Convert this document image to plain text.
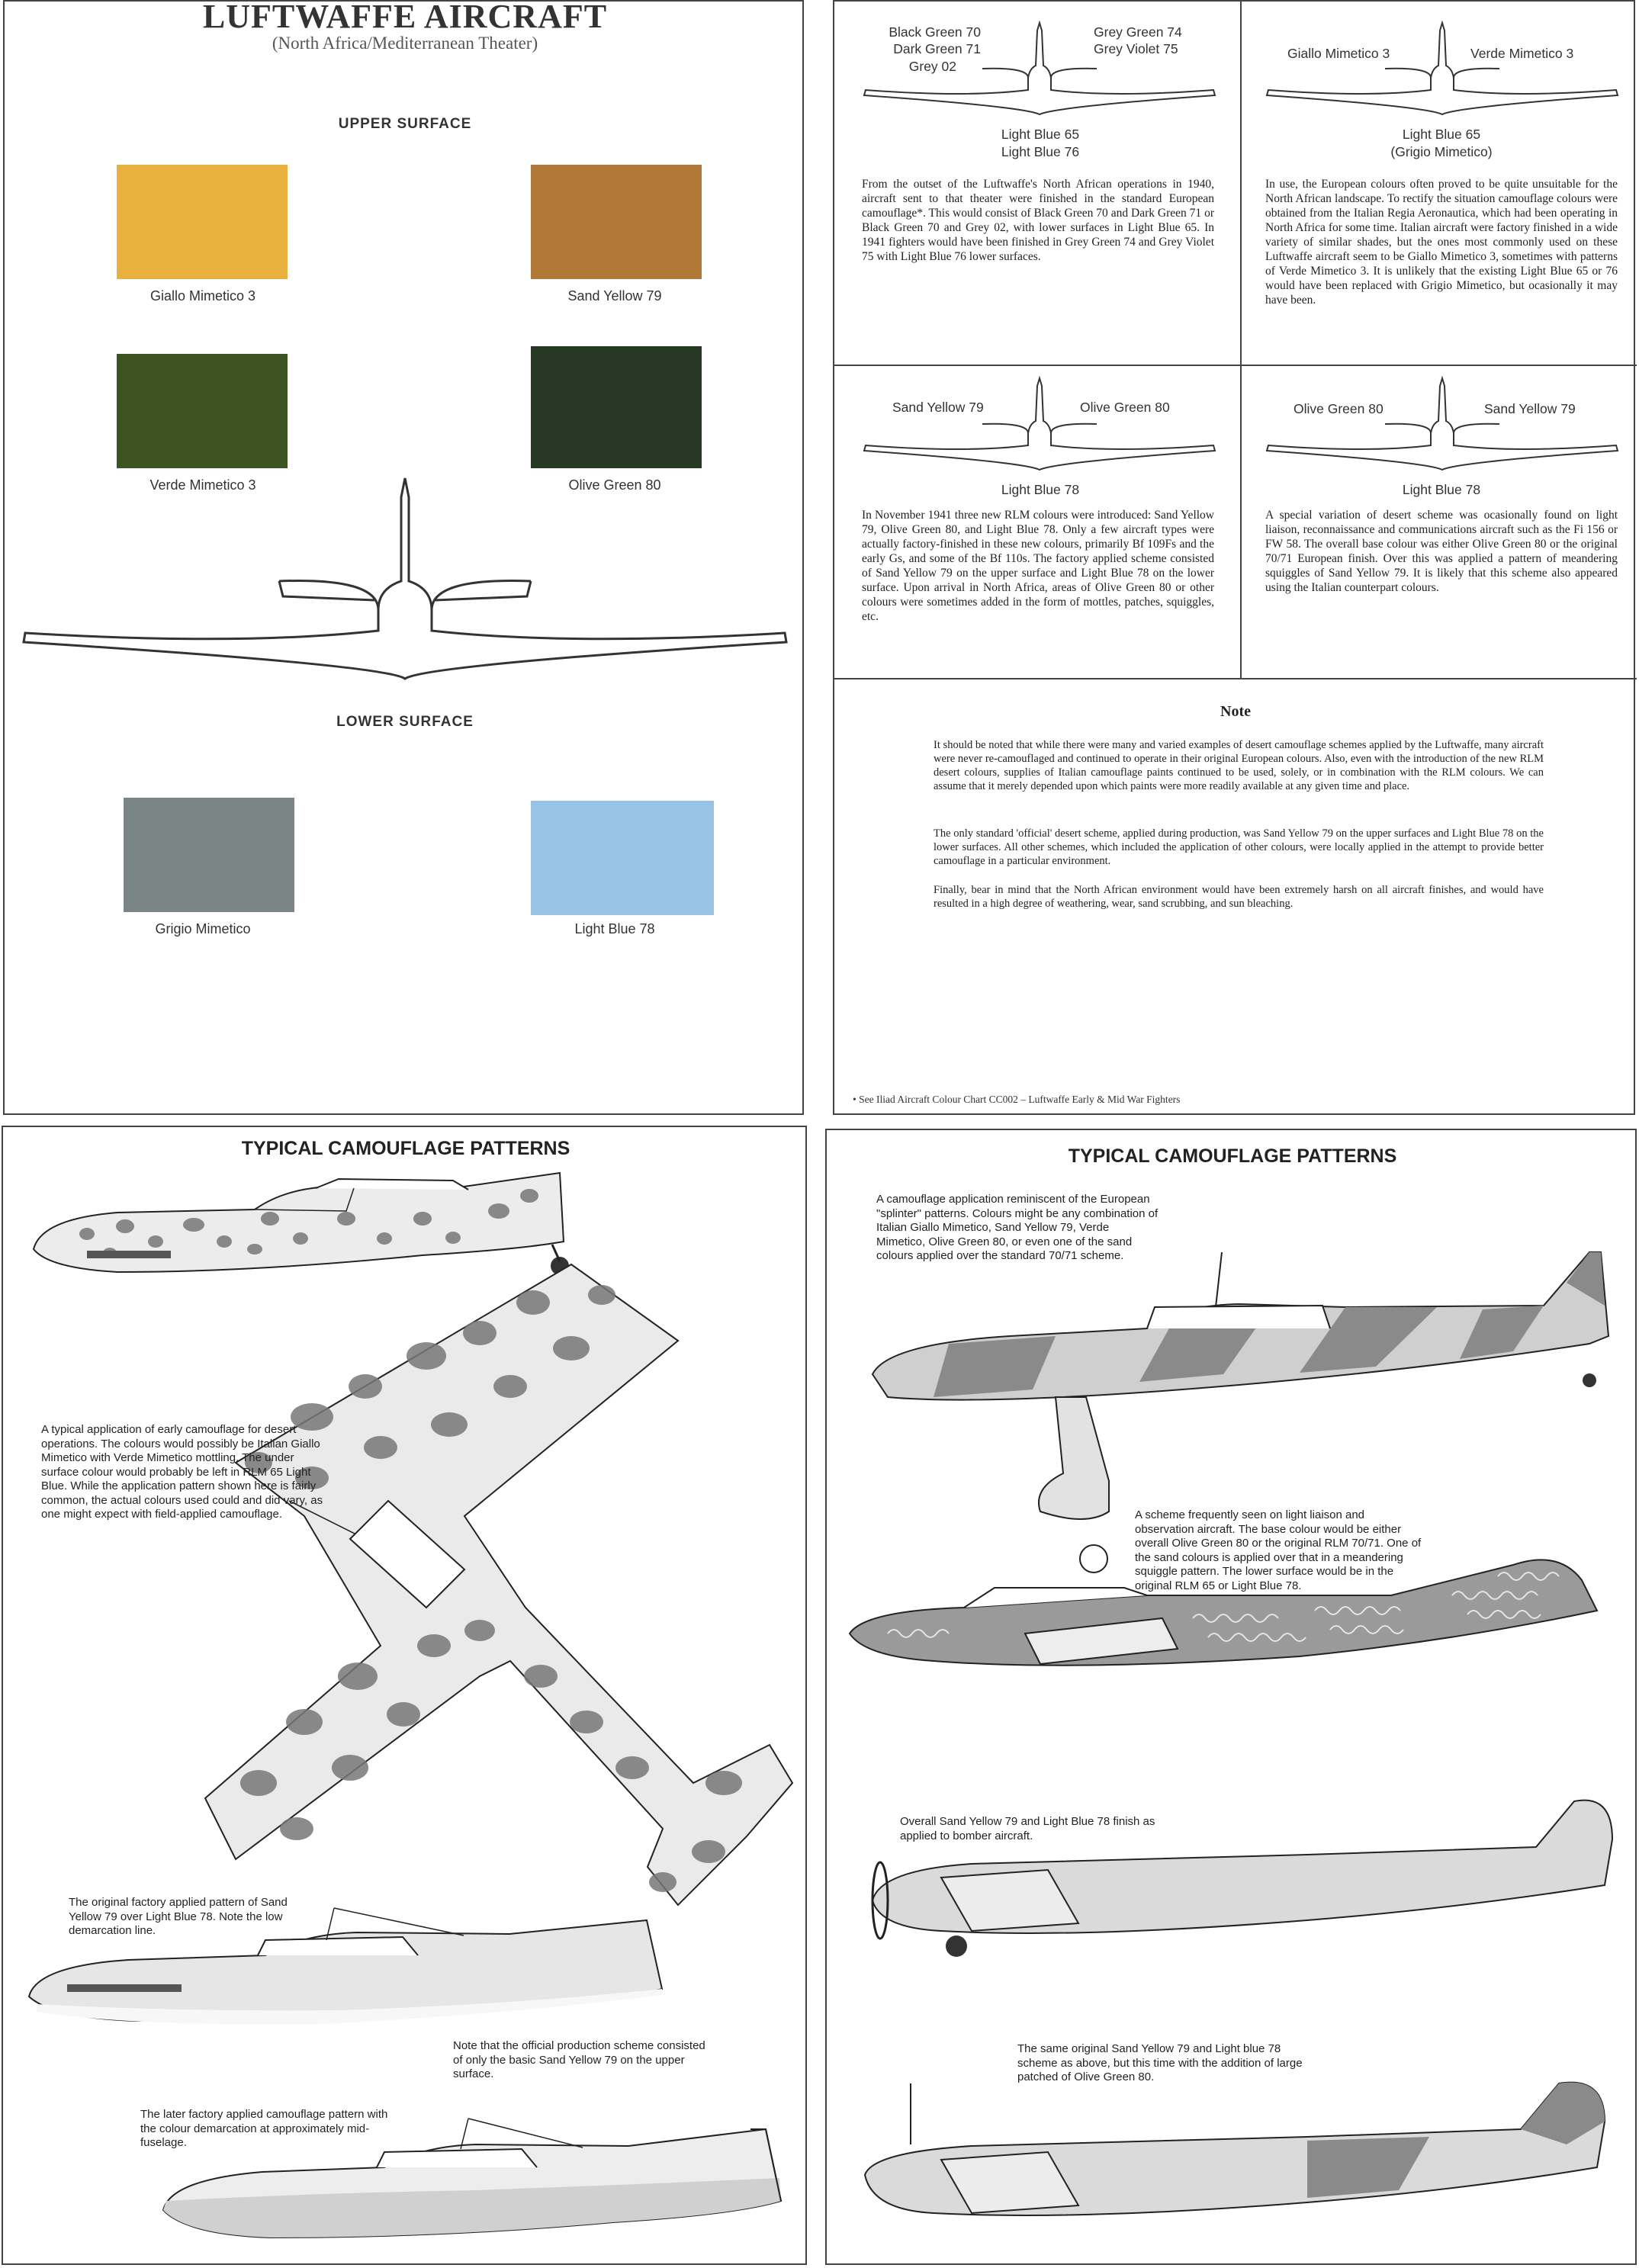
LUFTWAFFE AIRCRAFT
(North Africa/Mediterranean Theater)
UPPER SURFACE
Giallo Mimetico 3	Sand Yellow 79
Verde Mimetico 3	Olive Green 80
LOWER SURFACE
Grigio Mimetico	Light Blue 78
Black Green 70
Dark Green 71
Grey 02
Grey Green 74
Grey Violet 75
Light Blue 65
Light Blue 76
From the outset of the Luftwaffe's North African operations in 1940, aircraft sent to that theater were finished in the standard European camouflage*. This would consist of Black Green 70 and Dark Green 71 or Black Green 70 and Grey 02, with lower surfaces in Light Blue 65. In 1941 fighters would have been finished in Grey Green 74 and Grey Violet 75 with Light Blue 76 lower surfaces.
Giallo Mimetico 3	Verde Mimetico 3
Light Blue 65
(Grigio Mimetico)
In use, the European colours often proved to be quite unsuitable for the North African landscape. To rectify the situation camouflage colours were obtained from the Italian Regia Aeronautica, which had been operating in North Africa for some time. Italian aircraft were factory finished in a wide variety of similar shades, but the ones most commonly used on these Luftwaffe aircraft seem to be Giallo Mimetico 3, sometimes with patterns of Verde Mimetico 3. It is unlikely that the existing Light Blue 65 or 76 would have been replaced with Grigio Mimetico, but ocasionally it may have been.
Sand Yellow 79	Olive Green 80
Light Blue 78
In November 1941 three new RLM colours were introduced: Sand Yellow 79, Olive Green 80, and Light Blue 78. Only a few aircraft types were actually factory-finished in these new colours, primarily Bf 109Fs and the early Gs, and some of the Bf 110s. The factory applied scheme consisted of Sand Yellow 79 on the upper surface and Light Blue 78 on the lower surface. Upon arrival in North Africa, areas of Olive Green 80 or other colours were sometimes added in the form of mottles, patches, squiggles, etc.
Olive Green 80	Sand Yellow 79
Light Blue 78
A special variation of desert scheme was ocasionally found on light liaison, reconnaissance and communications aircraft such as the Fi 156 or FW 58. The overall base colour was either Olive Green 80 or the original 70/71 European finish. Over this was applied a pattern of meandering squiggles of Sand Yellow 79. It is likely that this scheme also appeared using the Italian counterpart colours.
Note
It should be noted that while there were many and varied examples of desert camouflage schemes applied by the Luftwaffe, many aircraft were never re-camouflaged and continued to operate in their original European colours. Also, even with the introduction of the new RLM desert colours, supplies of Italian camouflage paints continued to be used, solely, or in combination with the RLM colours. We can assume that it merely depended upon which paints were more readily available at any given time and place.
The only standard 'official' desert scheme, applied during production, was Sand Yellow 79 on the upper surfaces and Light Blue 78 on the lower surfaces. All other schemes, which included the application of other colours, were locally applied in the attempt to provide better camouflage in a particular environment.
Finally, bear in mind that the North African environment would have been extremely harsh on all aircraft finishes, and would have resulted in a high degree of weathering, wear, sand scrubbing, and sun bleaching.
• See Iliad Aircraft Colour Chart CC002 – Luftwaffe Early & Mid War Fighters
TYPICAL CAMOUFLAGE PATTERNS
A typical application of early camouflage for desert operations. The colours would possibly be Italian Giallo Mimetico with Verde Mimetico mottling. The under surface colour would probably be left in RLM 65 Light Blue. While the application pattern shown here is fairly common, the actual colours used could and did vary, as one might expect with field-applied camouflage.
The original factory applied pattern of Sand Yellow 79 over Light Blue 78. Note the low demarcation line.
Note that the official production scheme consisted of only the basic Sand Yellow 79 on the upper surface.
The later factory applied camouflage pattern with the colour demarcation at approximately mid-fuselage.
TYPICAL CAMOUFLAGE PATTERNS
A camouflage application reminiscent of the European "splinter" patterns. Colours might be any combination of Italian Giallo Mimetico, Sand Yellow 79, Verde Mimetico, Olive Green 80, or even one of the sand colours applied over the standard 70/71 scheme.
A scheme frequently seen on light liaison and observation aircraft. The base colour would be either overall Olive Green 80 or the original RLM 70/71. One of the sand colours is applied over that in a meandering squiggle pattern. The lower surface would be in the original RLM 65 or Light Blue 78.
Overall Sand Yellow 79 and Light Blue 78 finish as applied to bomber aircraft.
The same original Sand Yellow 79 and Light blue 78 scheme as above, but this time with the addition of large patched of Olive Green 80.
